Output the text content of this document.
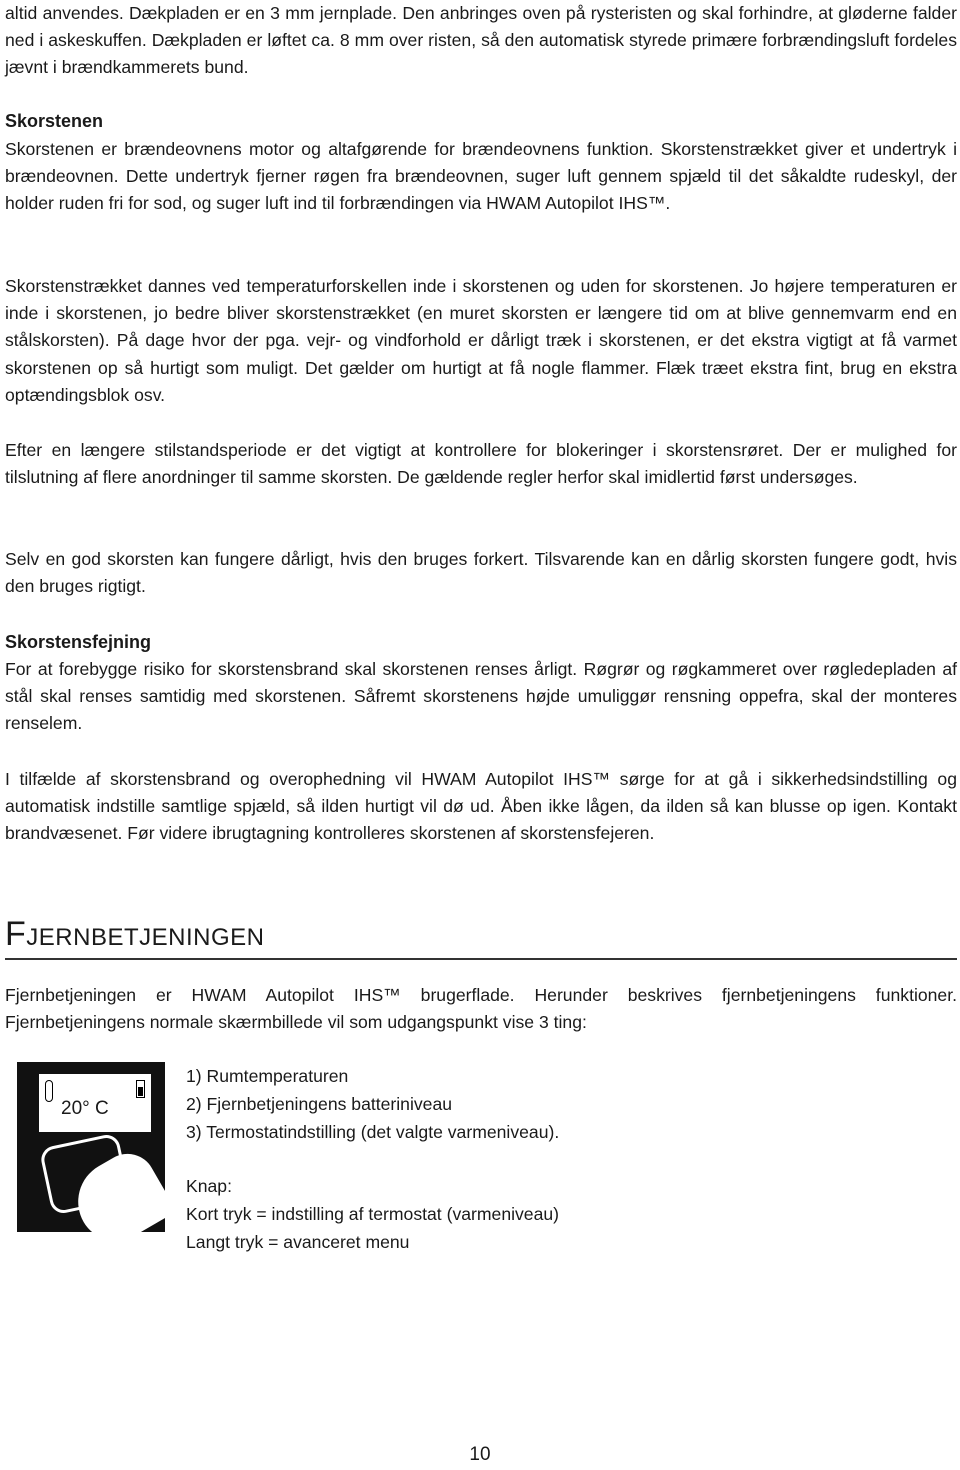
altid anvendes. Dækpladen er en 3 mm jernplade. Den anbringes oven på rysteristen og skal forhindre, at gløderne falder ned i askeskuffen. Dækpladen er løftet ca. 8 mm over risten, så den automatisk styrede primære forbrændingsluft fordeles jævnt i brændkammerets bund.

Skorstenen

Skorstenen er brændeovnens motor og altafgørende for brændeovnens funktion. Skorstenstrækket giver et undertryk i brændeovnen. Dette undertryk fjerner røgen fra brændeovnen, suger luft gennem spjæld til det såkaldte rudeskyl, der holder ruden fri for sod, og suger luft ind til forbrændingen via HWAM Autopilot IHS™.

Skorstenstrækket dannes ved temperaturforskellen inde i skorstenen og uden for skorstenen. Jo højere temperaturen er inde i skorstenen, jo bedre bliver skorstenstrækket (en muret skorsten er længere tid om at blive gennemvarm end en stålskorsten). På dage hvor der pga. vejr- og vindforhold er dårligt træk i skorstenen, er det ekstra vigtigt at få varmet skorstenen op så hurtigt som muligt. Det gælder om hurtigt at få nogle flammer. Flæk træet ekstra fint, brug en ekstra optændingsblok osv.

Efter en længere stilstandsperiode er det vigtigt at kontrollere for blokeringer i skorstensrøret. Der er mulighed for tilslutning af flere anordninger til samme skorsten. De gældende regler herfor skal imidlertid først undersøges.

Selv en god skorsten kan fungere dårligt, hvis den bruges forkert. Tilsvarende kan en dårlig skorsten fungere godt, hvis den bruges rigtigt.

Skorstensfejning

For at forebygge risiko for skorstensbrand skal skorstenen renses årligt. Røgrør og røgkammeret over røgledepladen af stål skal renses samtidig med skorstenen. Såfremt skorstenens højde umuliggør rensning oppefra, skal der monteres renselem.

I tilfælde af skorstensbrand og overophedning vil HWAM Autopilot IHS™ sørge for at gå i sikkerhedsindstilling og automatisk indstille samtlige spjæld, så ilden hurtigt vil dø ud. Åben ikke lågen, da ilden så kan blusse op igen. Kontakt brandvæsenet. Før videre ibrugtagning kontrolleres skorstenen af skorstensfejeren.

Fjernbetjeningen

Fjernbetjeningen er HWAM Autopilot IHS™ brugerflade. Herunder beskrives fjernbetjeningens funktioner. Fjernbetjeningens normale skærmbillede vil som udgangspunkt vise 3 ting:

20° C
1) Rumtemperaturen
2) Fjernbetjeningens batteriniveau
3) Termostatindstilling (det valgte varmeniveau).
Knap:
Kort tryk = indstilling af termostat (varmeniveau)
Langt tryk = avanceret menu
10
